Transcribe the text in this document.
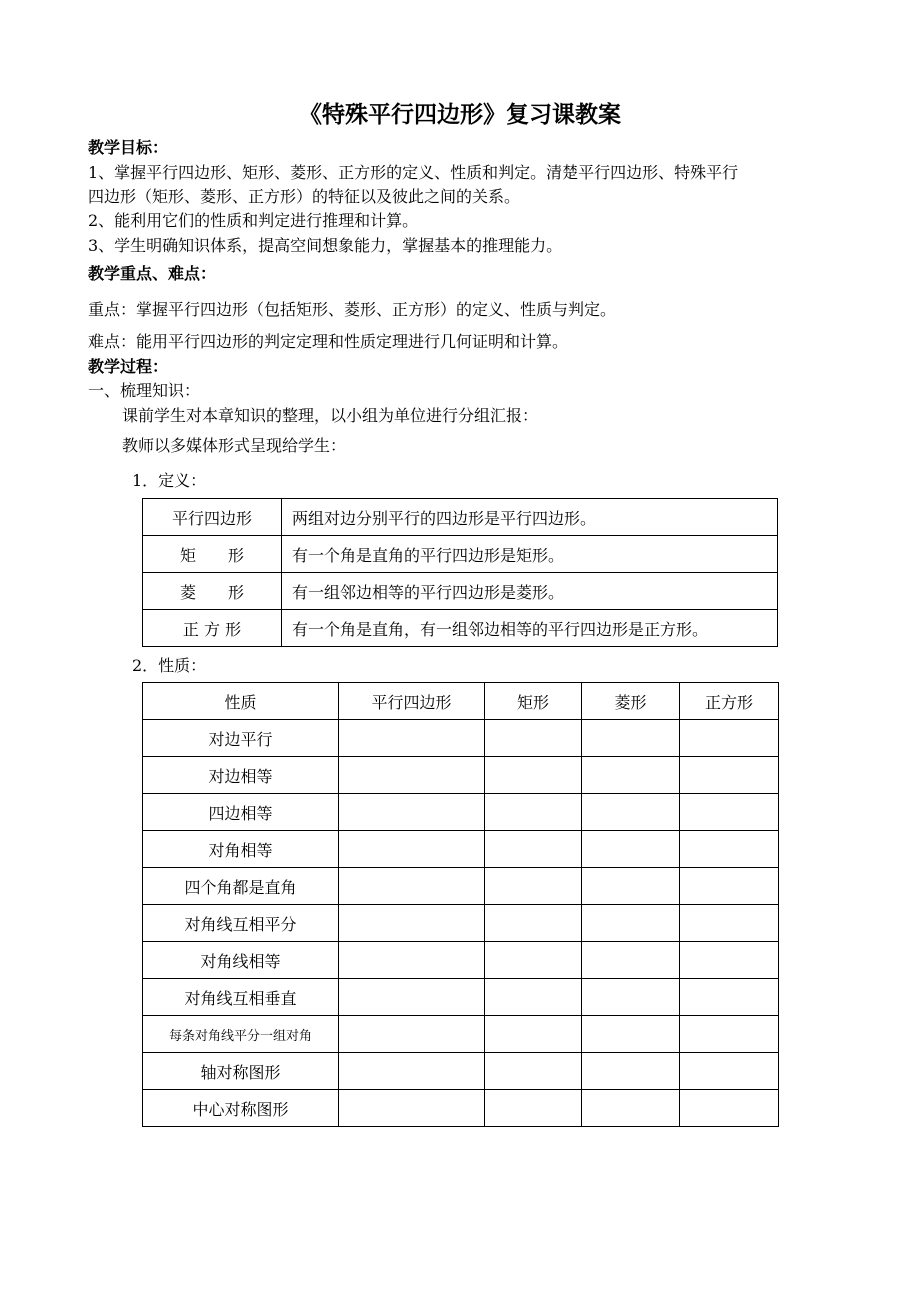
《特殊平行四边形》复习课教案
教学目标：
1、掌握平行四边形、矩形、菱形、正方形的定义、性质和判定。清楚平行四边形、特殊平行
四边形（矩形、菱形、正方形）的特征以及彼此之间的关系。
2、能利用它们的性质和判定进行推理和计算。
3、学生明确知识体系，提高空间想象能力，掌握基本的推理能力。
教学重点、难点：
重点：掌握平行四边形（包括矩形、菱形、正方形）的定义、性质与判定。
难点：能用平行四边形的判定定理和性质定理进行几何证明和计算。
教学过程：
一、梳理知识：
课前学生对本章知识的整理，以小组为单位进行分组汇报：
教师以多媒体形式呈现给学生：
1．定义：
平行四边形	两组对边分别平行的四边形是平行四边形。
矩　　形	有一个角是直角的平行四边形是矩形。
菱　　形	有一组邻边相等的平行四边形是菱形。
正 方 形	有一个角是直角，有一组邻边相等的平行四边形是正方形。
2．性质：
性质	平行四边形	矩形	菱形	正方形
对边平行				
对边相等				
四边相等				
对角相等				
四个角都是直角				
对角线互相平分				
对角线相等				
对角线互相垂直				
每条对角线平分一组对角				
轴对称图形				
中心对称图形				
